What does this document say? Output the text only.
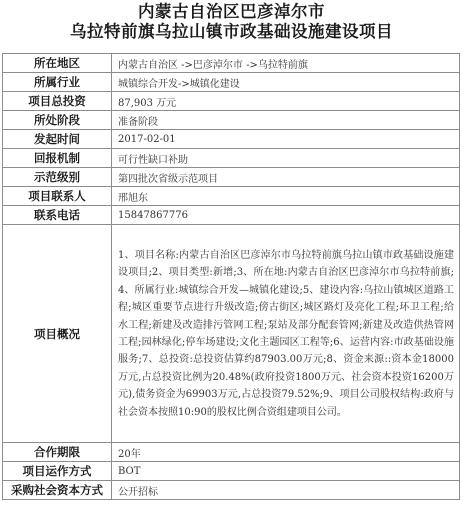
内蒙古自治区巴彦淖尔市
乌拉特前旗乌拉山镇市政基础设施建设项目
所在地区	内蒙古自治区 ->巴彦淖尔市 ->乌拉特前旗
所属行业	城镇综合开发->城镇化建设
项目总投资	87,903 万元
所处阶段	准备阶段
发起时间	2017-02-01
回报机制	可行性缺口补助
示范级别	第四批次省级示范项目
项目联系人	邢旭东
联系电话	15847867776
项目概况	1、项目名称:内蒙古自治区巴彦淖尔市乌拉特前旗乌拉山镇市政基础设施建设项目;2、项目类型:新增;3、所在地:内蒙古自治区巴彦淖尔市乌拉特前旗;4、所属行业:城镇综合开发—城镇化建设;5、建设内容:乌拉山镇城区道路工程;城区重要节点进行升级改造;傍古街区;城区路灯及亮化工程;环卫工程;给水工程;新建及改造排污管网工程;泵站及部分配套管网;新建及改造供热管网工程;园林绿化;停车场建设;文化主题园区工程等;6、运营内容:市政基础设施服务;7、总投资:总投资估算约87903.00万元;8、资金来源::资本金18000万元,占总投资比例为20.48%(政府投资1800万元、社会资本投资16200万元),债务资金为69903万元,占总投资79.52%;9、项目公司股权结构:政府与社会资本按照10:90的股权比例合资组建项目公司。
合作期限	20年
项目运作方式	BOT
采购社会资本方式	公开招标
